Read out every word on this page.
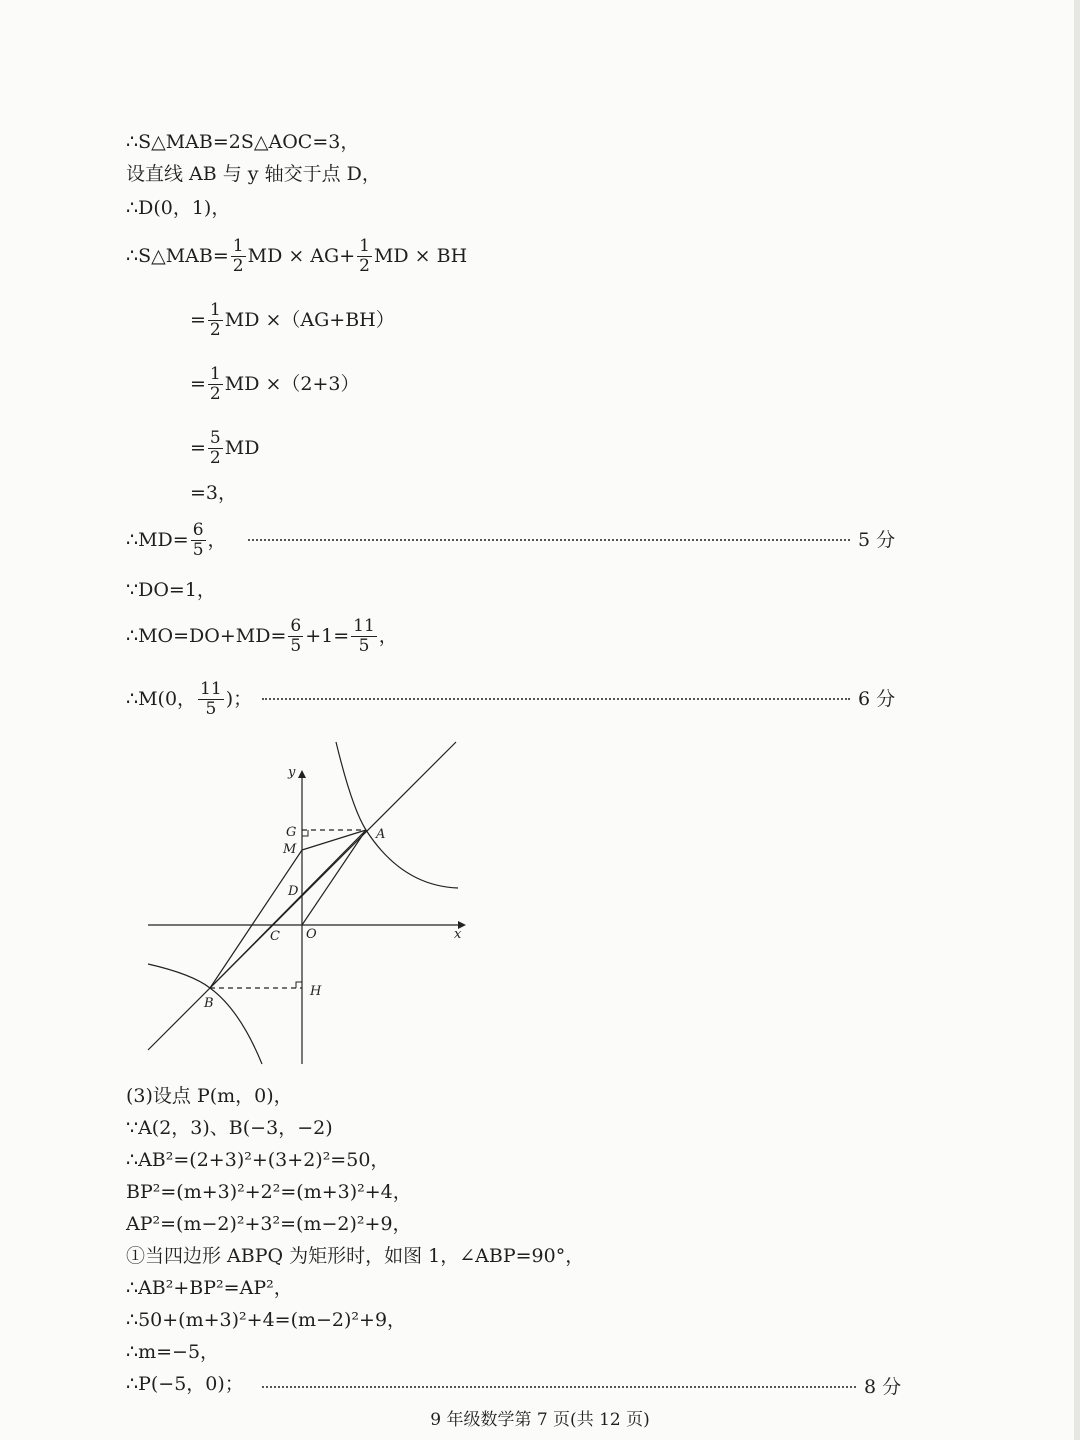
∴S△MAB=2S△AOC=3，
设直线 AB 与 y 轴交于点 D，
∴D(0，1)，
∴S△MAB= $\frac{1}{2}$ MD × $AG+ \frac{1}{2}$ MD × BH
= $\frac{1}{2}$ MD ×（AG+BH）
= $\frac{1}{2}$ MD ×（2+3）
= $\frac{5}{2}$ MD
=3，
∴MD= $\frac{6}{5}$ ，	5 分
∵DO=1，
∴MO=DO+MD= $\frac{6}{5} +1= \frac{11}{5}$ ，
∴M(0， $\frac{11}{5}$ )；	6 分
y
x
G
M
A
D
C O
B
H
(3)设点 P(m，0)，
∵A(2，3)、B(−3，−2)
∴AB²=(2+3)²+(3+2)²=50，
BP²=(m+3)²+2²=(m+3)²+4，
AP²=(m−2)²+3²=(m−2)²+9，
①当四边形 ABPQ 为矩形时，如图 1，∠ABP=90°，
∴AB²+BP²=AP²，
∴50+(m+3)²+4=(m−2)²+9，
∴m=−5，
∴P(−5，0)；	8 分
9 年级数学第 7 页(共 12 页)
